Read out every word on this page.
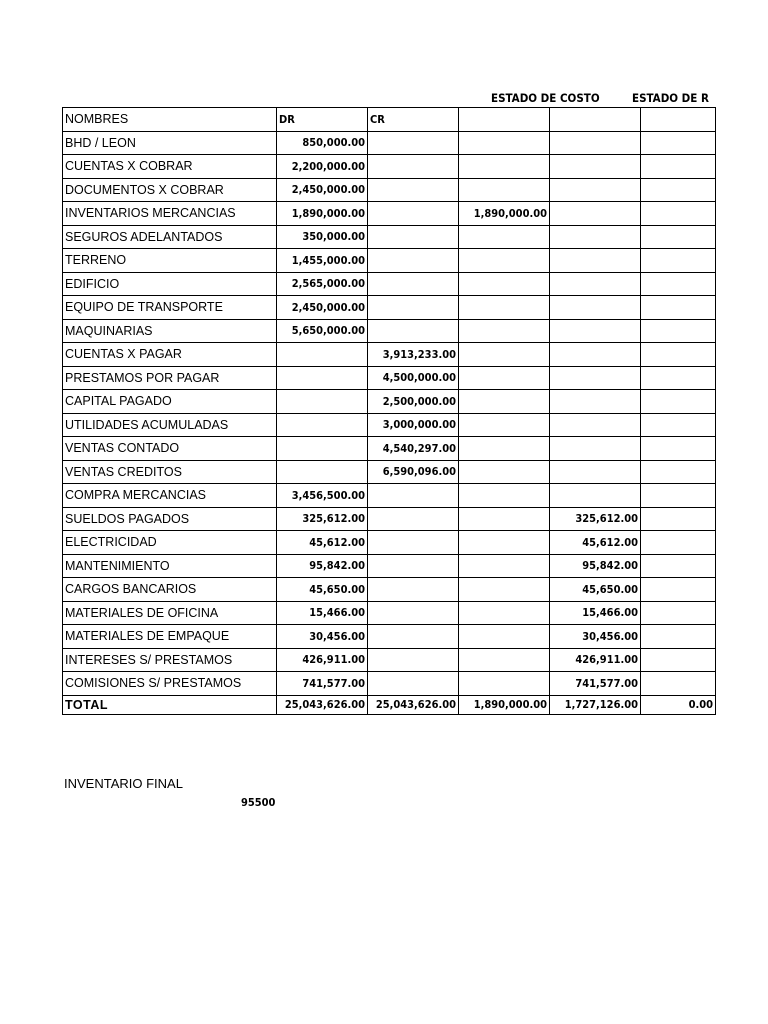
ESTADO DE COSTO	ESTADO DE R
NOMBRES	DR	CR			
BHD / LEON	850,000.00				
CUENTAS X COBRAR	2,200,000.00				
DOCUMENTOS X COBRAR	2,450,000.00				
INVENTARIOS MERCANCIAS	1,890,000.00		1,890,000.00		
SEGUROS ADELANTADOS	350,000.00				
TERRENO	1,455,000.00				
EDIFICIO	2,565,000.00				
EQUIPO DE TRANSPORTE	2,450,000.00				
MAQUINARIAS	5,650,000.00				
CUENTAS X PAGAR		3,913,233.00			
PRESTAMOS POR PAGAR		4,500,000.00			
CAPITAL PAGADO		2,500,000.00			
UTILIDADES ACUMULADAS		3,000,000.00			
VENTAS CONTADO		4,540,297.00			
VENTAS CREDITOS		6,590,096.00			
COMPRA MERCANCIAS	3,456,500.00				
SUELDOS PAGADOS	325,612.00			325,612.00	
ELECTRICIDAD	45,612.00			45,612.00	
MANTENIMIENTO	95,842.00			95,842.00	
CARGOS BANCARIOS	45,650.00			45,650.00	
MATERIALES DE OFICINA	15,466.00			15,466.00	
MATERIALES DE EMPAQUE	30,456.00			30,456.00	
INTERESES S/ PRESTAMOS	426,911.00			426,911.00	
COMISIONES S/ PRESTAMOS	741,577.00			741,577.00	
TOTAL	25,043,626.00	25,043,626.00	1,890,000.00	1,727,126.00	0.00
INVENTARIO FINAL
95500
